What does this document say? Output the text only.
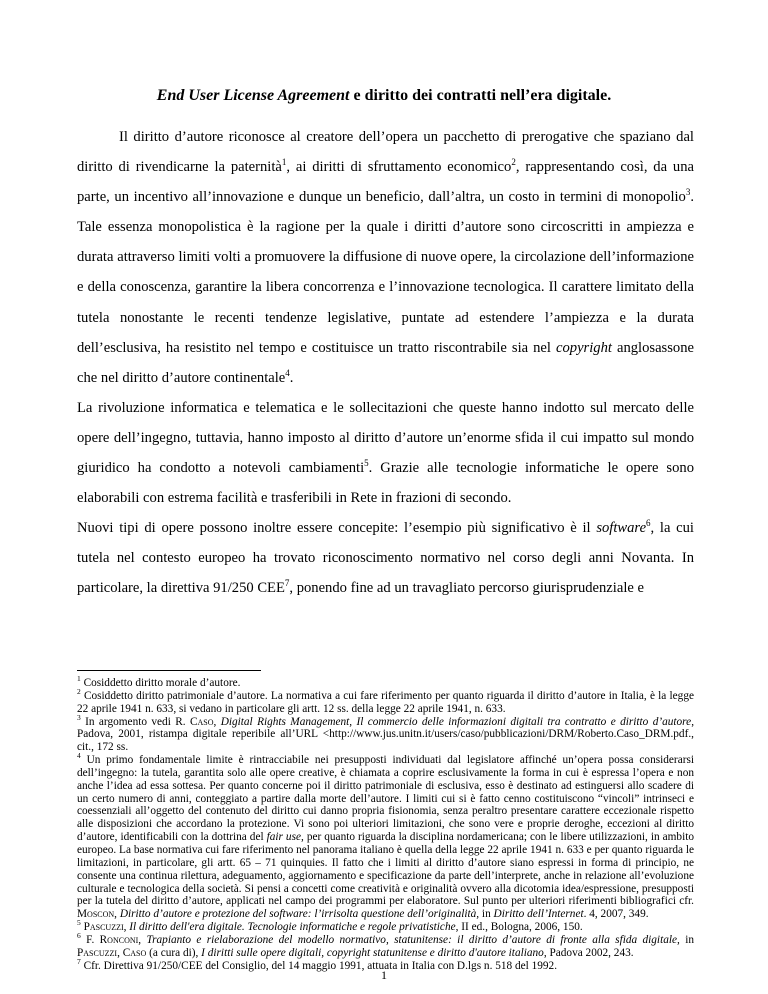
End User License Agreement e diritto dei contratti nell’era digitale.

Il diritto d’autore riconosce al creatore dell’opera un pacchetto di prerogative che spaziano dal diritto di rivendicarne la paternità$^1$, ai diritti di sfruttamento economico$^2$, rappresentando così, da una parte, un incentivo all’innovazione e dunque un beneficio, dall’altra, un costo in termini di monopolio$^3$. Tale essenza monopolistica è la ragione per la quale i diritti d’autore sono circoscritti in ampiezza e durata attraverso limiti volti a promuovere la diffusione di nuove opere, la circolazione dell’informazione e della conoscenza, garantire la libera concorrenza e l’innovazione tecnologica. Il carattere limitato della tutela nonostante le recenti tendenze legislative, puntate ad estendere l’ampiezza e la durata dell’esclusiva, ha resistito nel tempo e costituisce un tratto riscontrabile sia nel copyright anglosassone che nel diritto d’autore continentale$^4$.

La rivoluzione informatica e telematica e le sollecitazioni che queste hanno indotto sul mercato delle opere dell’ingegno, tuttavia, hanno imposto al diritto d’autore un’enorme sfida il cui impatto sul mondo giuridico ha condotto a notevoli cambiamenti$^5$. Grazie alle tecnologie informatiche le opere sono elaborabili con estrema facilità e trasferibili in Rete in frazioni di secondo.

Nuovi tipi di opere possono inoltre essere concepite: l’esempio più significativo è il software$^6$, la cui tutela nel contesto europeo ha trovato riconoscimento normativo nel corso degli anni Novanta. In particolare, la direttiva 91/250 CEE$^7$, ponendo fine ad un travagliato percorso giurisprudenziale e

$^1$ Cosiddetto diritto morale d’autore.

$^2$ Cosiddetto diritto patrimoniale d’autore. La normativa a cui fare riferimento per quanto riguarda il diritto d’autore in Italia, è la legge 22 aprile 1941 n. 633, si vedano in particolare gli artt. 12 ss. della legge 22 aprile 1941, n. 633.

$^3$ In argomento vedi R. Caso, Digital Rights Management, Il commercio delle informazioni digitali tra contratto e diritto d’autore, Padova, 2001, ristampa digitale reperibile all’URL <http://www.jus.unitn.it/users/caso/pubblicazioni/DRM/Roberto.Caso_DRM.pdf., cit., 172 ss.

$^4$ Un primo fondamentale limite è rintracciabile nei presupposti individuati dal legislatore affinché un’opera possa considerarsi dell’ingegno: la tutela, garantita solo alle opere creative, è chiamata a coprire esclusivamente la forma in cui è espressa l’opera e non anche l’idea ad essa sottesa. Per quanto concerne poi il diritto patrimoniale di esclusiva, esso è destinato ad estinguersi allo scadere di un certo numero di anni, conteggiato a partire dalla morte dell’autore. I limiti cui si è fatto cenno costituiscono “vincoli” intrinseci e coessenziali all’oggetto del contenuto del diritto cui danno propria fisionomia, senza peraltro presentare carattere eccezionale rispetto alle disposizioni che accordano la protezione. Vi sono poi ulteriori limitazioni, che sono vere e proprie deroghe, eccezioni al diritto d’autore, identificabili con la dottrina del fair use, per quanto riguarda la disciplina nordamericana; con le libere utilizzazioni, in ambito europeo. La base normativa cui fare riferimento nel panorama italiano è quella della legge 22 aprile 1941 n. 633 e per quanto riguarda le limitazioni, in particolare, gli artt. 65 – 71 quinquies. Il fatto che i limiti al diritto d’autore siano espressi in forma di principio, ne consente una continua rilettura, adeguamento, aggiornamento e specificazione da parte dell’interprete, anche in relazione all’evoluzione culturale e tecnologica della società. Si pensi a concetti come creatività e originalità ovvero alla dicotomia idea/espressione, presupposti per la tutela del diritto d’autore, applicati nel campo dei programmi per elaboratore. Sul punto per ulteriori riferimenti bibliografici cfr. Moscon, Diritto d’autore e protezione del software: l’irrisolta questione dell’originalità, in Diritto dell’Internet. 4, 2007, 349.

$^5$ Pascuzzi, Il diritto dell'era digitale. Tecnologie informatiche e regole privatistiche, II ed., Bologna, 2006, 150.

$^6$ F. Ronconi, Trapianto e rielaborazione del modello normativo, statunitense: il diritto d’autore di fronte alla sfida digitale, in Pascuzzi, Caso (a cura di), I diritti sulle opere digitali, copyright statunitense e diritto d'autore italiano, Padova 2002, 243.

$^7$ Cfr. Direttiva 91/250/CEE del Consiglio, del 14 maggio 1991, attuata in Italia con D.lgs n. 518 del 1992.

1
